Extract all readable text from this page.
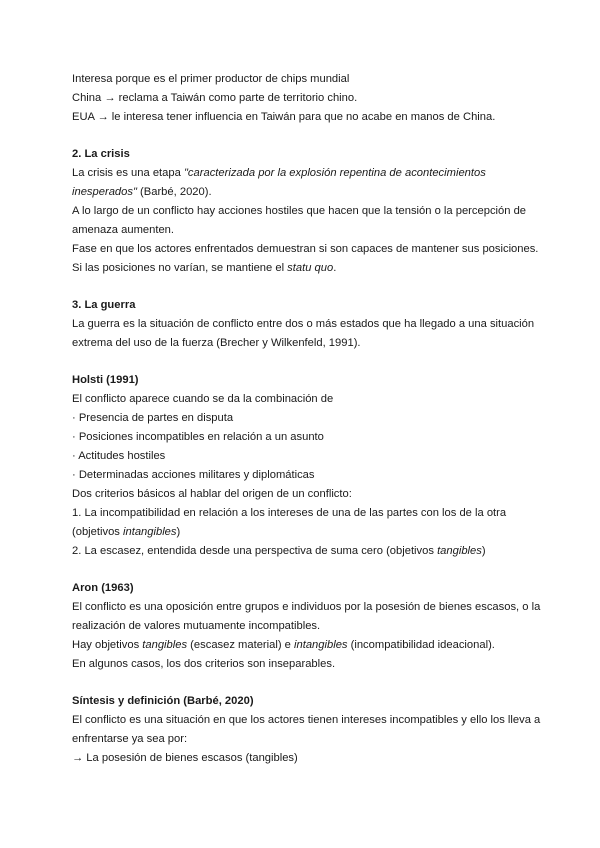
Interesa porque es el primer productor de chips mundial
China → reclama a Taiwán como parte de territorio chino.
EUA → le interesa tener influencia en Taiwán para que no acabe en manos de China.
2. La crisis
La crisis es una etapa "caracterizada por la explosión repentina de acontecimientos
inesperados" (Barbé, 2020).
A lo largo de un conflicto hay acciones hostiles que hacen que la tensión o la percepción de
amenaza aumenten.
Fase en que los actores enfrentados demuestran si son capaces de mantener sus posiciones.
Si las posiciones no varían, se mantiene el statu quo.
3. La guerra
La guerra es la situación de conflicto entre dos o más estados que ha llegado a una situación
extrema del uso de la fuerza (Brecher y Wilkenfeld, 1991).
Holsti (1991)
El conflicto aparece cuando se da la combinación de
· Presencia de partes en disputa
· Posiciones incompatibles en relación a un asunto
· Actitudes hostiles
· Determinadas acciones militares y diplomáticas
Dos criterios básicos al hablar del origen de un conflicto:
1. La incompatibilidad en relación a los intereses de una de las partes con los de la otra
(objetivos intangibles)
2. La escasez, entendida desde una perspectiva de suma cero (objetivos tangibles)
Aron (1963)
El conflicto es una oposición entre grupos e individuos por la posesión de bienes escasos, o la
realización de valores mutuamente incompatibles.
Hay objetivos tangibles (escasez material) e intangibles (incompatibilidad ideacional).
En algunos casos, los dos criterios son inseparables.
Síntesis y definición (Barbé, 2020)
El conflicto es una situación en que los actores tienen intereses incompatibles y ello los lleva a
enfrentarse ya sea por:
→ La posesión de bienes escasos (tangibles)
